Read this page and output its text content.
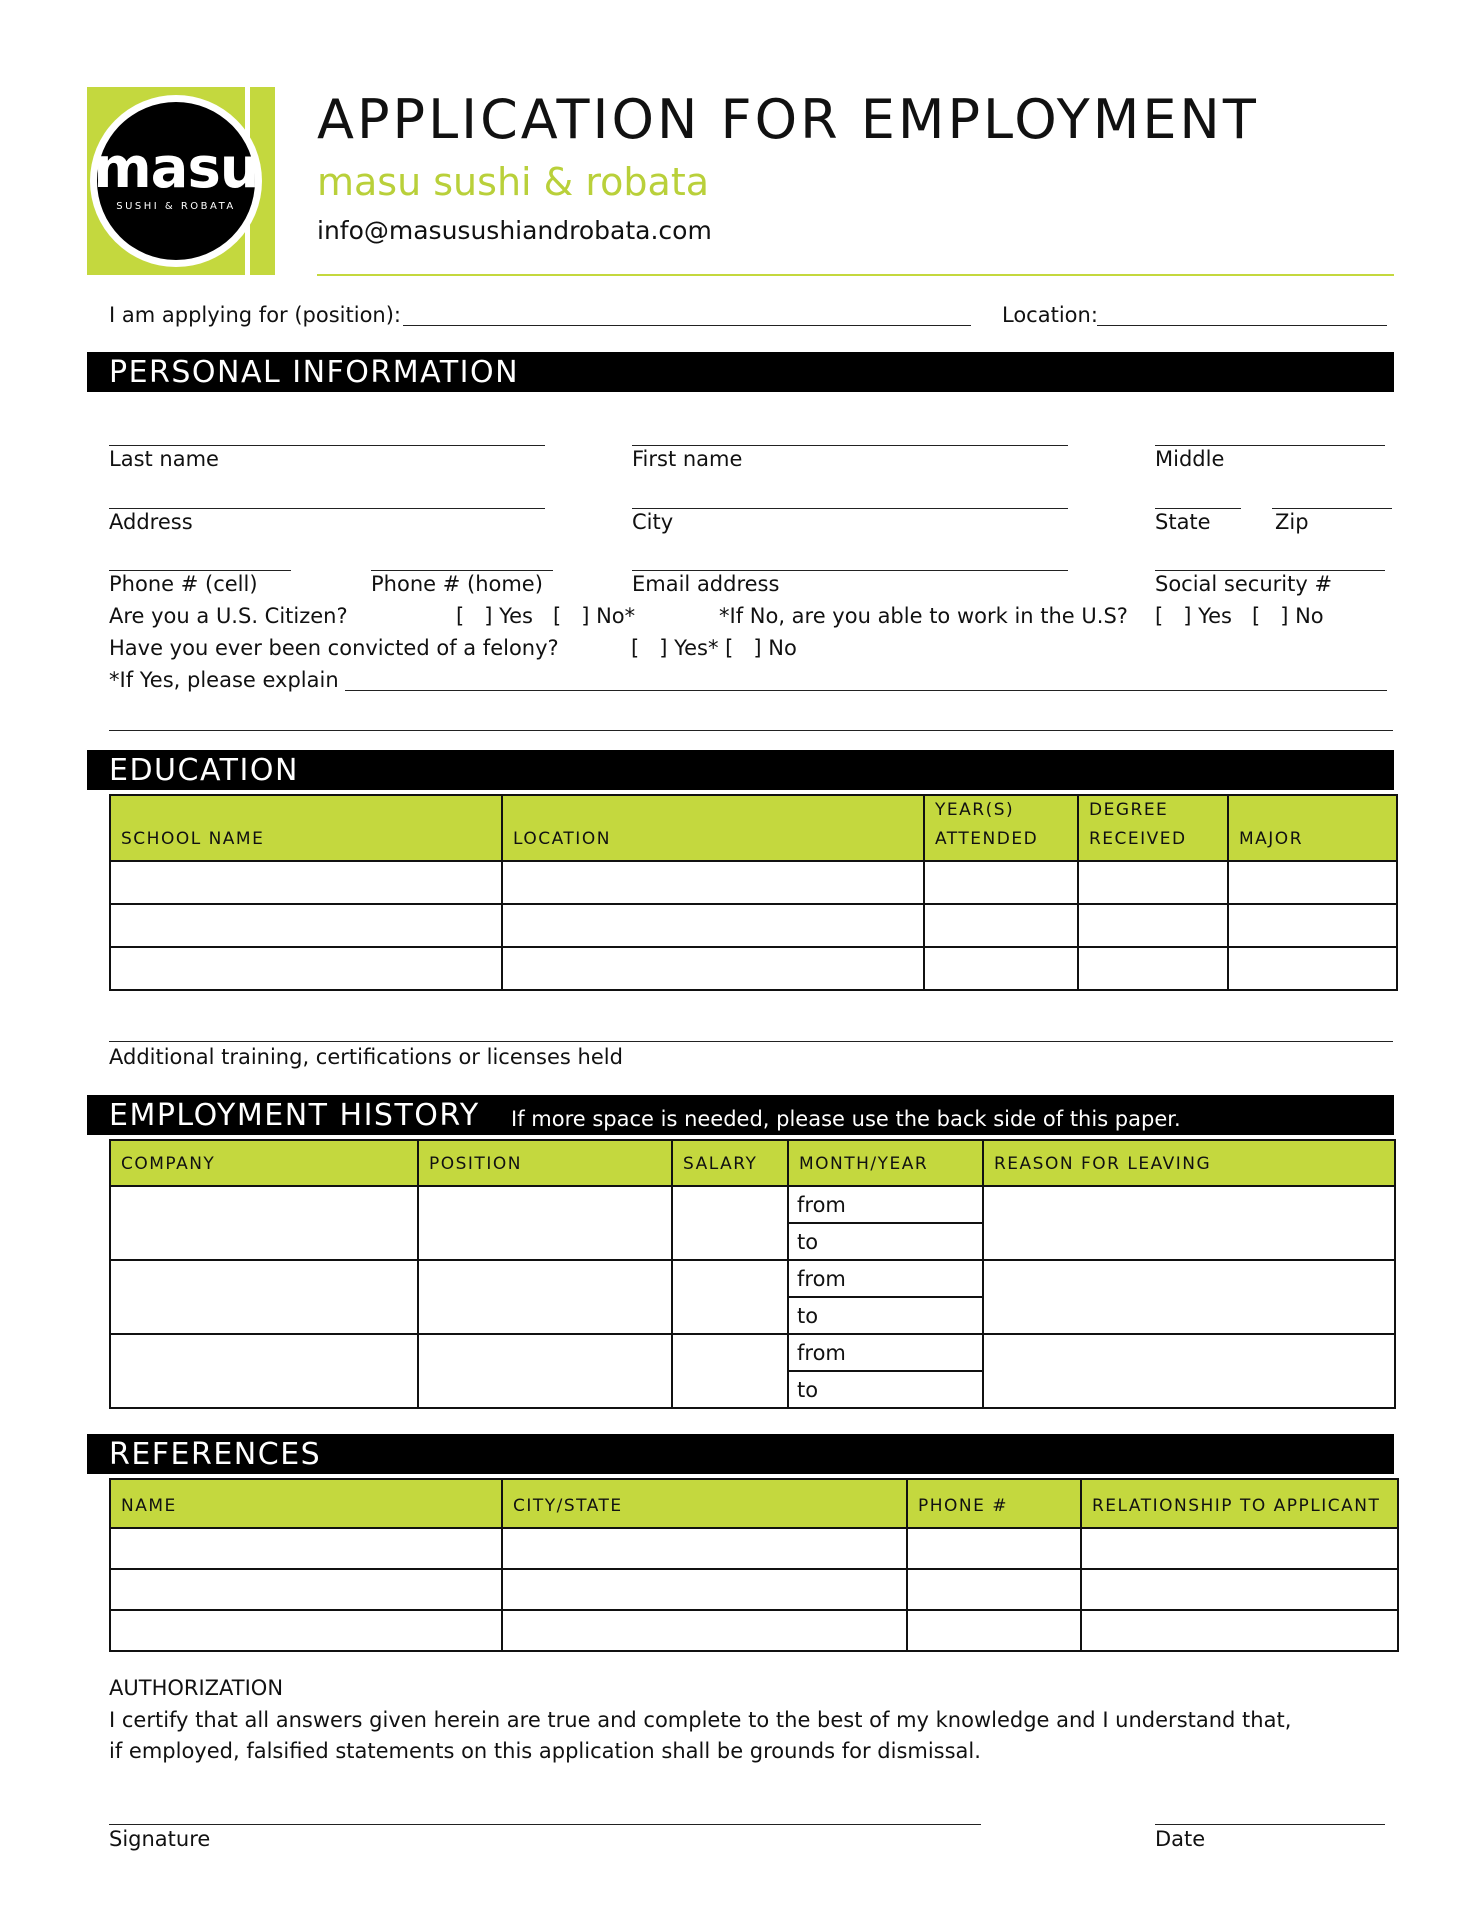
masu
SUSHI & ROBATA
APPLICATION FOR EMPLOYMENT
masu sushi & robata
info@masusushiandrobata.com
I am applying for (position):	Location:
PERSONAL INFORMATION
Last name	First name	Middle
Address	City	State	Zip
Phone # (cell)	Phone # (home)	Email address	Social security #
Are you a U.S. Citizen?	[   ] Yes   [   ] No*	*If No, are you able to work in the U.S? [   ] Yes   [   ] No
Have you ever been convicted of a felony?	[   ] Yes* [   ] No
*If Yes, please explain
EDUCATION
SCHOOL NAME	LOCATION	YEAR(S) ATTENDED	DEGREE RECEIVED	MAJOR

Additional training, certifications or licenses held
EMPLOYMENT HISTORY If more space is needed, please use the back side of this paper.
COMPANY	POSITION	SALARY	MONTH/YEAR	REASON FOR LEAVING
			from	
			to	
			from	
			to	
			from	
			to	
REFERENCES
NAME	CITY/STATE	PHONE #	RELATIONSHIP TO APPLICANT

AUTHORIZATION
I certify that all answers given herein are true and complete to the best of my knowledge and I understand that,
if employed, falsified statements on this application shall be grounds for dismissal.
Signature	Date
